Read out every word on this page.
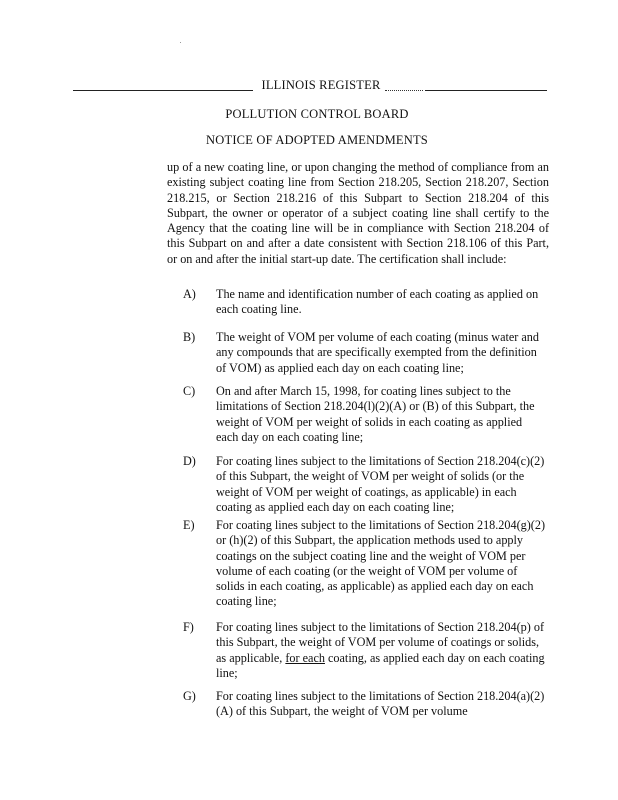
ILLINOIS REGISTER
POLLUTION CONTROL BOARD
NOTICE OF ADOPTED AMENDMENTS
up of a new coating line, or upon changing the method of compliance from an existing subject coating line from Section 218.205, Section 218.207, Section 218.215, or Section 218.216 of this Subpart to Section 218.204 of this Subpart, the owner or operator of a subject coating line shall certify to the Agency that the coating line will be in compliance with Section 218.204 of this Subpart on and after a date consistent with Section 218.106 of this Part, or on and after the initial start-up date. The certification shall include:
A) The name and identification number of each coating as applied on each coating line.
B) The weight of VOM per volume of each coating (minus water and any compounds that are specifically exempted from the definition of VOM) as applied each day on each coating line;
C) On and after March 15, 1998, for coating lines subject to the limitations of Section 218.204(l)(2)(A) or (B) of this Subpart, the weight of VOM per weight of solids in each coating as applied each day on each coating line;
D) For coating lines subject to the limitations of Section 218.204(c)(2) of this Subpart, the weight of VOM per weight of solids (or the weight of VOM per weight of coatings, as applicable) in each coating as applied each day on each coating line;
E) For coating lines subject to the limitations of Section 218.204(g)(2) or (h)(2) of this Subpart, the application methods used to apply coatings on the subject coating line and the weight of VOM per volume of each coating (or the weight of VOM per volume of solids in each coating, as applicable) as applied each day on each coating line;
F) For coating lines subject to the limitations of Section 218.204(p) of this Subpart, the weight of VOM per volume of coatings or solids, as applicable, for each coating, as applied each day on each coating line;
G) For coating lines subject to the limitations of Section 218.204(a)(2)(A) of this Subpart, the weight of VOM per volume
